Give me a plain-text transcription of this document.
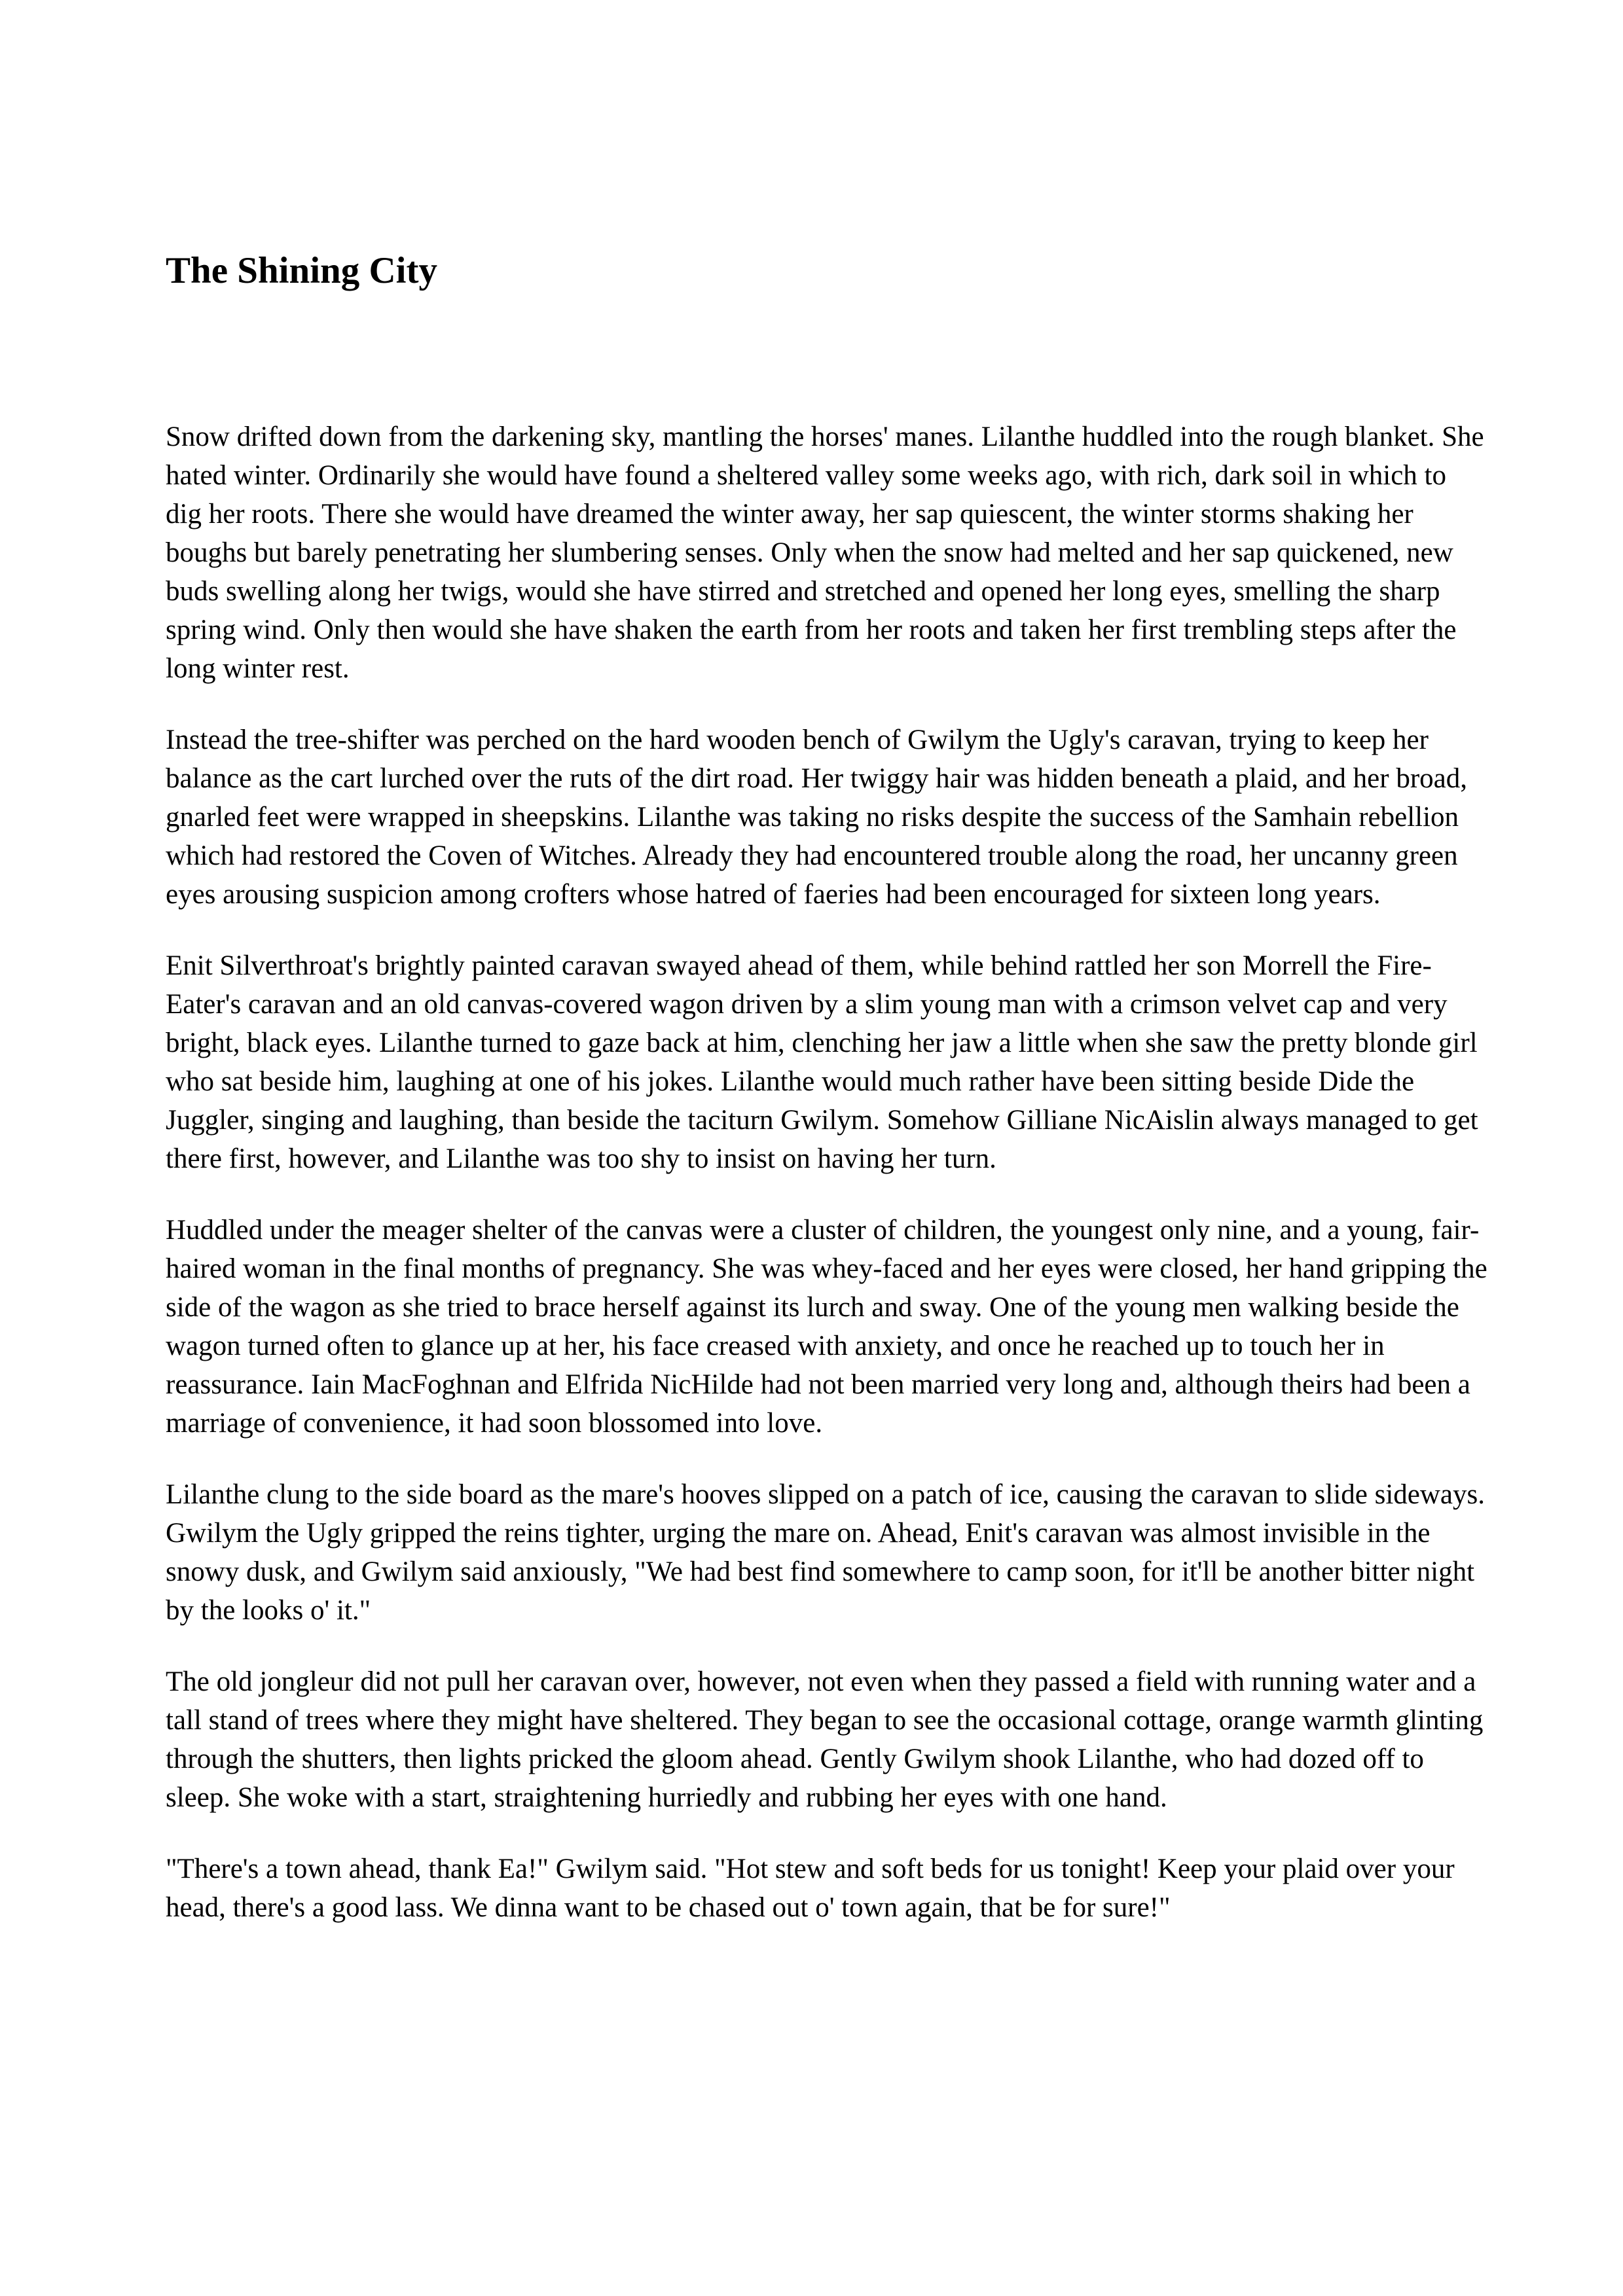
The Shining City

Snow drifted down from the darkening sky, mantling the horses' manes. Lilanthe huddled into the rough blanket. She hated winter. Ordinarily she would have found a sheltered valley some weeks ago, with rich, dark soil in which to dig her roots. There she would have dreamed the winter away, her sap quiescent, the winter storms shaking her boughs but barely penetrating her slumbering senses. Only when the snow had melted and her sap quickened, new buds swelling along her twigs, would she have stirred and stretched and opened her long eyes, smelling the sharp spring wind. Only then would she have shaken the earth from her roots and taken her first trembling steps after the long winter rest.

Instead the tree-shifter was perched on the hard wooden bench of Gwilym the Ugly's caravan, trying to keep her balance as the cart lurched over the ruts of the dirt road. Her twiggy hair was hidden beneath a plaid, and her broad, gnarled feet were wrapped in sheepskins. Lilanthe was taking no risks despite the success of the Samhain rebellion which had restored the Coven of Witches. Already they had encountered trouble along the road, her uncanny green eyes arousing suspicion among crofters whose hatred of faeries had been encouraged for sixteen long years.

Enit Silverthroat's brightly painted caravan swayed ahead of them, while behind rattled her son Morrell the Fire-Eater's caravan and an old canvas-covered wagon driven by a slim young man with a crimson velvet cap and very bright, black eyes. Lilanthe turned to gaze back at him, clenching her jaw a little when she saw the pretty blonde girl who sat beside him, laughing at one of his jokes. Lilanthe would much rather have been sitting beside Dide the Juggler, singing and laughing, than beside the taciturn Gwilym. Somehow Gilliane NicAislin always managed to get there first, however, and Lilanthe was too shy to insist on having her turn.

Huddled under the meager shelter of the canvas were a cluster of children, the youngest only nine, and a young, fair-haired woman in the final months of pregnancy. She was whey-faced and her eyes were closed, her hand gripping the side of the wagon as she tried to brace herself against its lurch and sway. One of the young men walking beside the wagon turned often to glance up at her, his face creased with anxiety, and once he reached up to touch her in reassurance. Iain MacFoghnan and Elfrida NicHilde had not been married very long and, although theirs had been a marriage of convenience, it had soon blossomed into love.

Lilanthe clung to the side board as the mare's hooves slipped on a patch of ice, causing the caravan to slide sideways. Gwilym the Ugly gripped the reins tighter, urging the mare on. Ahead, Enit's caravan was almost invisible in the snowy dusk, and Gwilym said anxiously, "We had best find somewhere to camp soon, for it'll be another bitter night by the looks o' it."

The old jongleur did not pull her caravan over, however, not even when they passed a field with running water and a tall stand of trees where they might have sheltered. They began to see the occasional cottage, orange warmth glinting through the shutters, then lights pricked the gloom ahead. Gently Gwilym shook Lilanthe, who had dozed off to sleep. She woke with a start, straightening hurriedly and rubbing her eyes with one hand.

"There's a town ahead, thank Ea!" Gwilym said. "Hot stew and soft beds for us tonight! Keep your plaid over your head, there's a good lass. We dinna want to be chased out o' town again, that be for sure!"
